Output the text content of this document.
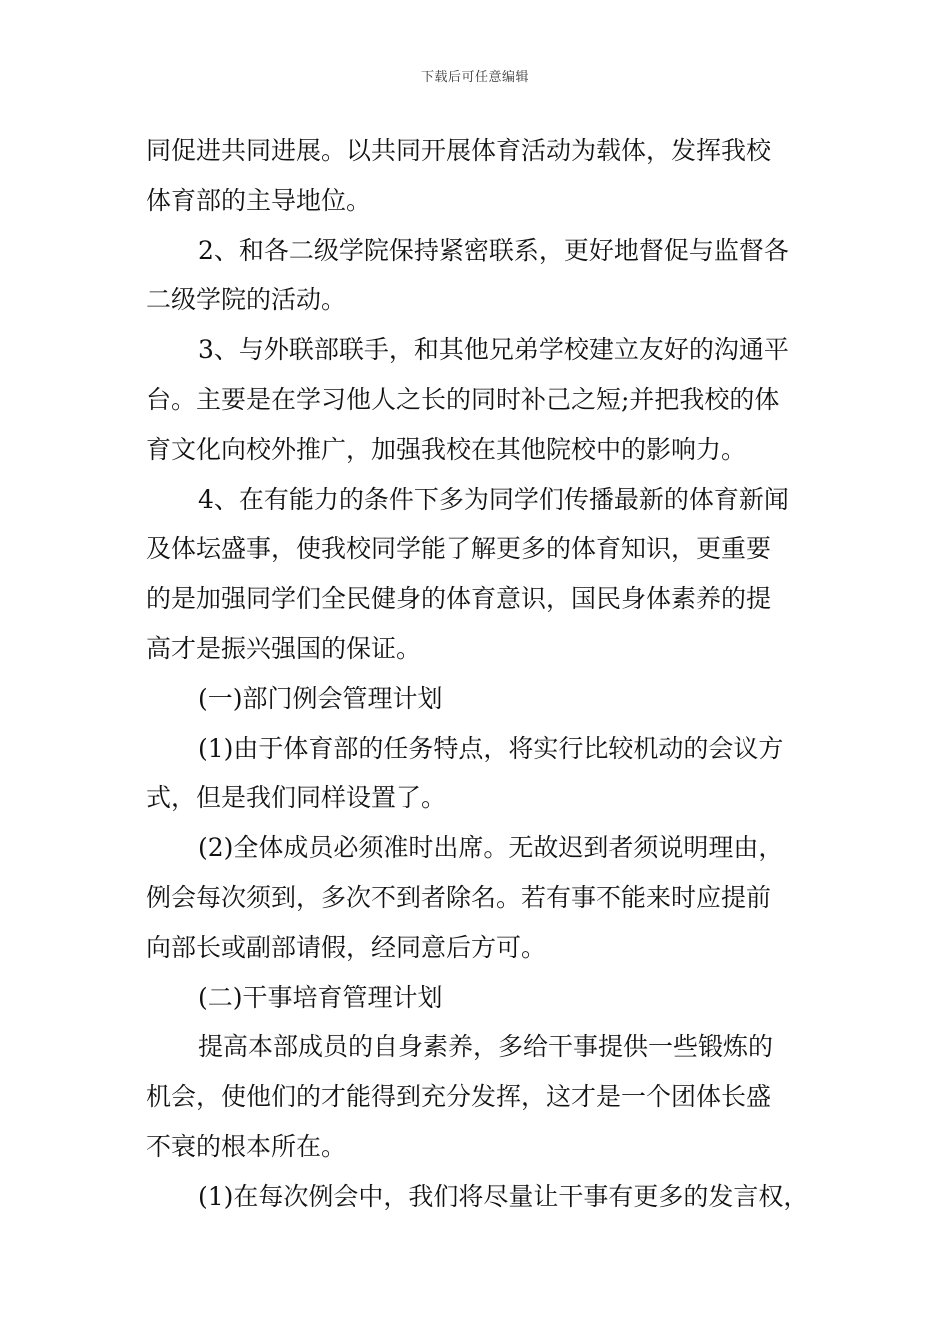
下载后可任意编辑
同促进共同进展。以共同开展体育活动为载体，发挥我校
体育部的主导地位。
2、和各二级学院保持紧密联系，更好地督促与监督各
二级学院的活动。
3、与外联部联手，和其他兄弟学校建立友好的沟通平
台。主要是在学习他人之长的同时补己之短;并把我校的体
育文化向校外推广，加强我校在其他院校中的影响力。
4、在有能力的条件下多为同学们传播最新的体育新闻
及体坛盛事，使我校同学能了解更多的体育知识，更重要
的是加强同学们全民健身的体育意识，国民身体素养的提
高才是振兴强国的保证。
(一)部门例会管理计划
(1)由于体育部的任务特点，将实行比较机动的会议方
式，但是我们同样设置了。
(2)全体成员必须准时出席。无故迟到者须说明理由，
例会每次须到，多次不到者除名。若有事不能来时应提前
向部长或副部请假，经同意后方可。
(二)干事培育管理计划
提高本部成员的自身素养，多给干事提供一些锻炼的
机会，使他们的才能得到充分发挥，这才是一个团体长盛
不衰的根本所在。
(1)在每次例会中，我们将尽量让干事有更多的发言权，
